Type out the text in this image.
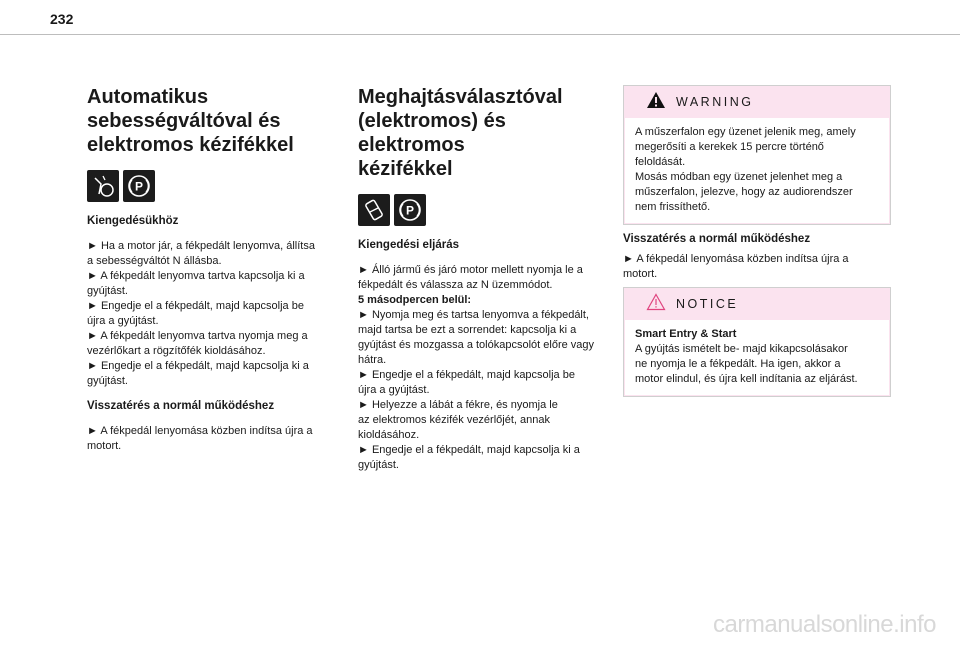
232
Automatikus sebességváltóval és elektromos kézifékkel
P
Kiengedésükhöz

► Ha a motor jár, a fékpedált lenyomva, állítsa

a sebességváltót N állásba.

► A fékpedált lenyomva tartva kapcsolja ki a

gyújtást.

► Engedje el a fékpedált, majd kapcsolja be

újra a gyújtást.

► A fékpedált lenyomva tartva nyomja meg a

vezérlőkart a rögzítőfék kioldásához.

► Engedje el a fékpedált, majd kapcsolja ki a

gyújtást.

Visszatérés a normál működéshez

► A fékpedál lenyomása közben indítsa újra a

motort.

Meghajtásválasztóval
(elektromos) és elektromos
kézifékkel
P
Kiengedési eljárás

► Álló jármű és járó motor mellett nyomja le a

fékpedált és válassza az N üzemmódot.

5 másodpercen belül:

► Nyomja meg és tartsa lenyomva a fékpedált,

majd tartsa be ezt a sorrendet: kapcsolja ki a

gyújtást és mozgassa a tolókapcsolót előre vagy

hátra.

► Engedje el a fékpedált, majd kapcsolja be

újra a gyújtást.

► Helyezze a lábát a fékre, és nyomja le

az elektromos kézifék vezérlőjét, annak

kioldásához.

► Engedje el a fékpedált, majd kapcsolja ki a

gyújtást.

WARNING

A műszerfalon egy üzenet jelenik meg, amely

megerősíti a kerekek 15 percre történő

feloldását.

Mosás módban egy üzenet jelenhet meg a

műszerfalon, jelezve, hogy az audiorendszer

nem frissíthető.

Visszatérés a normál működéshez

► A fékpedál lenyomása közben indítsa újra a

motort.

NOTICE

Smart Entry & Start

A gyújtás ismételt be- majd kikapcsolásakor

ne nyomja le a fékpedált. Ha igen, akkor a

motor elindul, és újra kell indítania az eljárást.

carmanualsonline.info
